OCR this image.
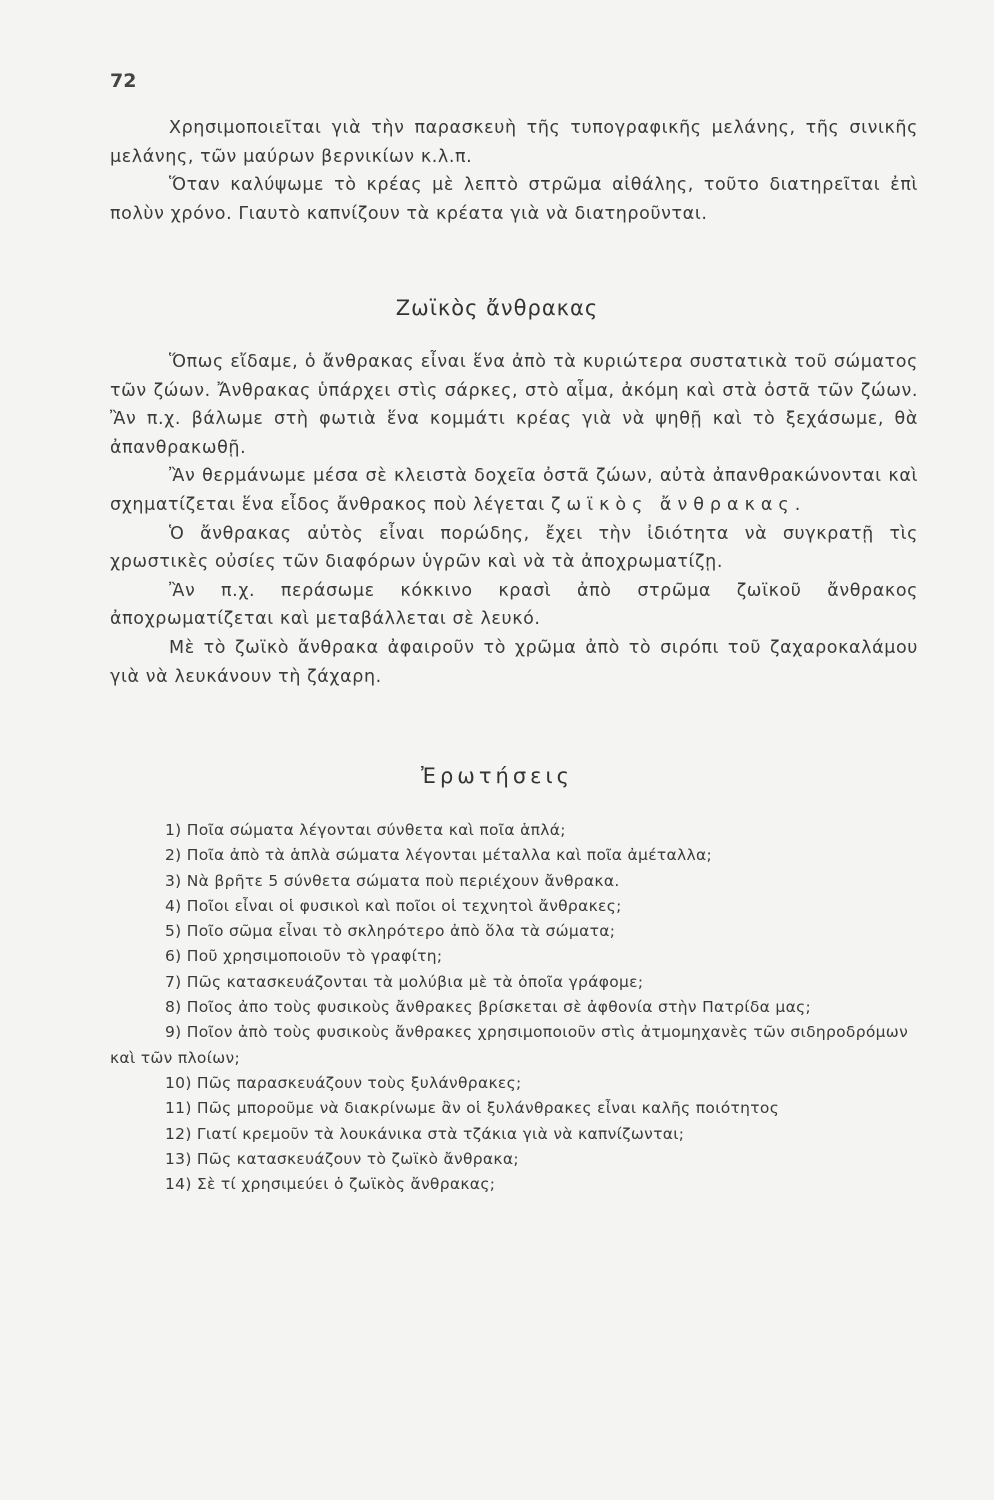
72

Χρησιμοποιεῖται γιὰ τὴν παρασκευὴ τῆς τυπογραφικῆς μελάνης, τῆς σινικῆς μελάνης, τῶν μαύρων βερνικίων κ.λ.π.

Ὅταν καλύψωμε τὸ κρέας μὲ λεπτὸ στρῶμα αἰθάλης, τοῦτο διατηρεῖται ἐπὶ πολὺν χρόνο. Γιαυτὸ καπνίζουν τὰ κρέατα γιὰ νὰ διατηροῦνται.

Ζωϊκὸς ἄνθρακας

Ὅπως εἴδαμε, ὁ ἄνθρακας εἶναι ἕνα ἀπὸ τὰ κυριώτερα συστατικὰ τοῦ σώματος τῶν ζώων. Ἄνθρακας ὑπάρχει στὶς σάρκες, στὸ αἷμα, ἀκόμη καὶ στὰ ὀστᾶ τῶν ζώων. Ἂν π.χ. βάλωμε στὴ φωτιὰ ἕνα κομμάτι κρέας γιὰ νὰ ψηθῇ καὶ τὸ ξεχάσωμε, θὰ ἀπανθρακωθῇ.

Ἂν θερμάνωμε μέσα σὲ κλειστὰ δοχεῖα ὀστᾶ ζώων, αὐτὰ ἀπανθρακώνονται καὶ σχηματίζεται ἕνα εἶδος ἄνθρακος ποὺ λέγεται ζωϊκὸς ἄνθρακας.

Ὁ ἄνθρακας αὐτὸς εἶναι πορώδης, ἔχει τὴν ἰδιότητα νὰ συγκρατῇ τὶς χρωστικὲς οὐσίες τῶν διαφόρων ὑγρῶν καὶ νὰ τὰ ἀποχρωματίζῃ.

Ἂν π.χ. περάσωμε κόκκινο κρασὶ ἀπὸ στρῶμα ζωϊκοῦ ἄνθρακος ἀποχρωματίζεται καὶ μεταβάλλεται σὲ λευκό.

Μὲ τὸ ζωϊκὸ ἄνθρακα ἀφαιροῦν τὸ χρῶμα ἀπὸ τὸ σιρόπι τοῦ ζαχαροκαλάμου γιὰ νὰ λευκάνουν τὴ ζάχαρη.

Ἐρωτήσεις
1) Ποῖα σώματα λέγονται σύνθετα καὶ ποῖα ἁπλά;
2) Ποῖα ἀπὸ τὰ ἁπλὰ σώματα λέγονται μέταλλα καὶ ποῖα ἀμέταλλα;
3) Νὰ βρῆτε 5 σύνθετα σώματα ποὺ περιέχουν ἄνθρακα.
4) Ποῖοι εἶναι οἱ φυσικοὶ καὶ ποῖοι οἱ τεχνητοὶ ἄνθρακες;
5) Ποῖο σῶμα εἶναι τὸ σκληρότερο ἀπὸ ὅλα τὰ σώματα;
6) Ποῦ χρησιμοποιοῦν τὸ γραφίτη;
7) Πῶς κατασκευάζονται τὰ μολύβια μὲ τὰ ὁποῖα γράφομε;
8) Ποῖος ἀπο τοὺς φυσικοὺς ἄνθρακες βρίσκεται σὲ ἀφθονία στὴν Πατρίδα μας;
9) Ποῖον ἀπὸ τοὺς φυσικοὺς ἄνθρακες χρησιμοποιοῦν στὶς ἀτμομηχανὲς τῶν σιδηροδρόμων καὶ τῶν πλοίων;
10) Πῶς παρασκευάζουν τοὺς ξυλάνθρακες;
11) Πῶς μποροῦμε νὰ διακρίνωμε ἂν οἱ ξυλάνθρακες εἶναι καλῆς ποιότητος
12) Γιατί κρεμοῦν τὰ λουκάνικα στὰ τζάκια γιὰ νὰ καπνίζωνται;
13) Πῶς κατασκευάζουν τὸ ζωϊκὸ ἄνθρακα;
14) Σὲ τί χρησιμεύει ὁ ζωϊκὸς ἄνθρακας;
